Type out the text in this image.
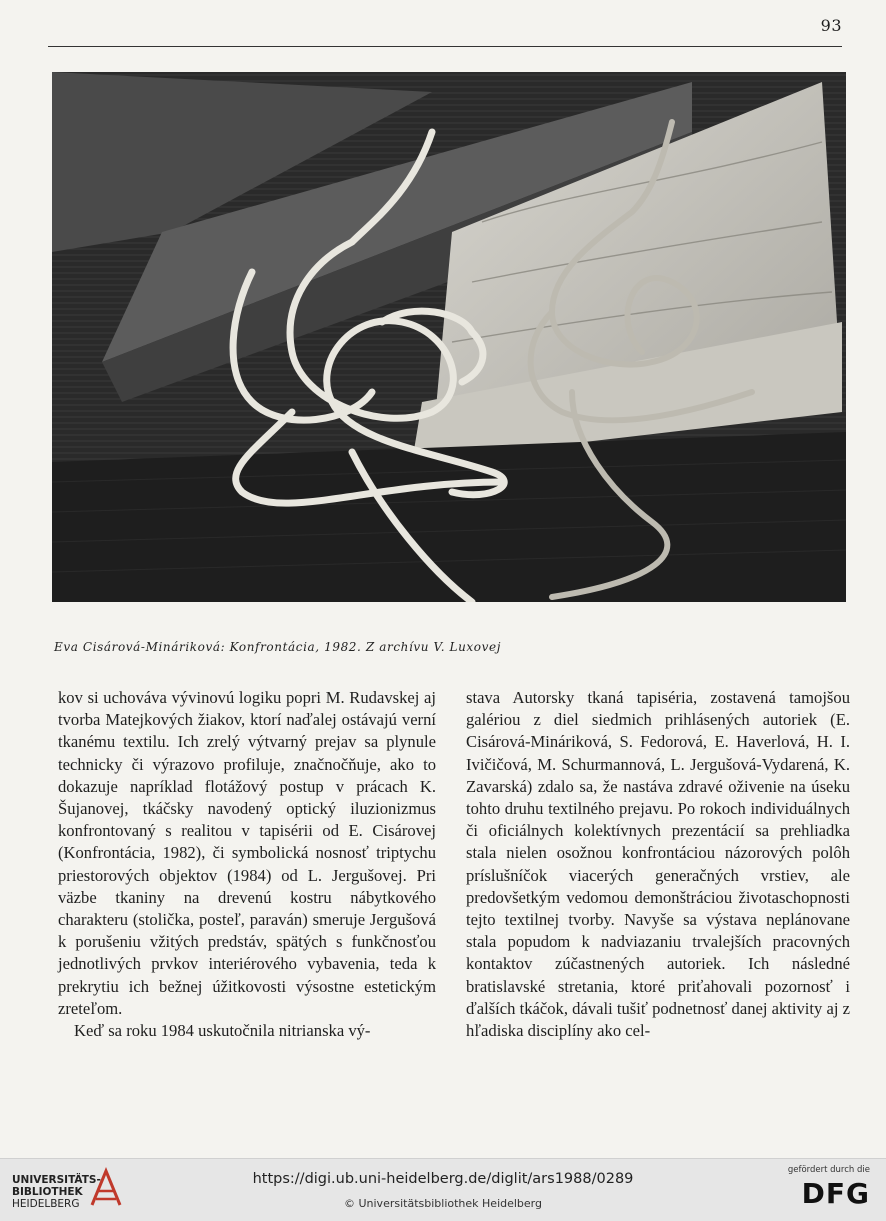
93
Eva Cisárová-Mináriková: Konfrontácia, 1982. Z archívu V. Luxovej

kov si uchováva vývinovú logiku popri M. Rudavskej aj tvorba Matejkových žiakov, ktorí naďalej ostávajú verní tkanému textilu. Ich zrelý výtvarný prejav sa plynule technicky či výrazovo profiluje, značnočňuje, ako to dokazuje napríklad flotážový postup v prácach K. Šujanovej, tkáčsky navodený optický iluzionizmus konfrontovaný s realitou v tapisérii od E. Cisárovej (Konfrontácia, 1982), či symbolická nosnosť triptychu priestorových objektov (1984) od L. Jergušovej. Pri väzbe tkaniny na drevenú kostru nábytkového charakteru (stolička, posteľ, paraván) smeruje Jergušová k porušeniu vžitých predstáv, spätých s funkčnosťou jednotlivých prvkov interiérového vybavenia, teda k prekrytiu ich bežnej úžitkovosti výsostne estetickým zreteľom.

Keď sa roku 1984 uskutočnila nitrianska vý-

stava Autorsky tkaná tapiséria, zostavená tamojšou galériou z diel siedmich prihlásených autoriek (E. Cisárová-Mináriková, S. Fedorová, E. Haverlová, H. I. Ivičičová, M. Schurmannová, L. Jergušová-Vydarená, K. Zavarská) zdalo sa, že nastáva zdravé oživenie na úseku tohto druhu textilného prejavu. Po rokoch individuálnych či oficiálnych kolektívnych prezentácií sa prehliadka stala nielen osožnou konfrontáciou názorových polôh príslušníčok viacerých generačných vrstiev, ale predovšetkým vedomou demonštráciou životaschopnosti tejto textilnej tvorby. Navyše sa výstava neplánovane stala popudom k nadviazaniu trvalejších pracovných kontaktov zúčastnených autoriek. Ich následné bratislavské stretania, ktoré priťahovali pozornosť i ďalších tkáčok, dávali tušiť podnetnosť danej aktivity aj z hľadiska disciplíny ako cel-

UNIVERSITÄTS-
BIBLIOTHEK
HEIDELBERG
https://digi.ub.uni-heidelberg.de/diglit/ars1988/0289
© Universitätsbibliothek Heidelberg
gefördert durch die
DFG
